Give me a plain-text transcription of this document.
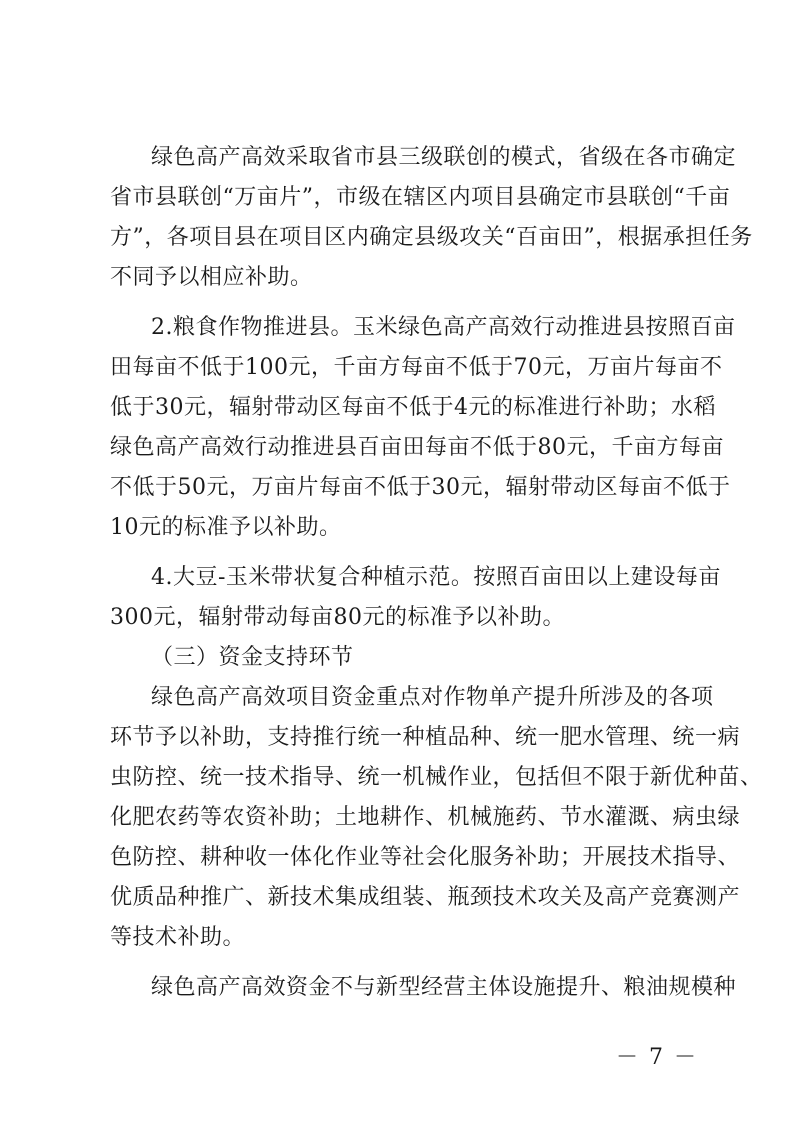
绿色高产高效采取省市县三级联创的模式，省级在各市确定
省市县联创“万亩片”，市级在辖区内项目县确定市县联创“千亩
方”，各项目县在项目区内确定县级攻关“百亩田”，根据承担任务
不同予以相应补助。
2.粮食作物推进县。玉米绿色高产高效行动推进县按照百亩
田每亩不低于100元，千亩方每亩不低于70元，万亩片每亩不
低于30元，辐射带动区每亩不低于4元的标准进行补助；水稻
绿色高产高效行动推进县百亩田每亩不低于80元，千亩方每亩
不低于50元，万亩片每亩不低于30元，辐射带动区每亩不低于
10元的标准予以补助。
4.大豆-玉米带状复合种植示范。按照百亩田以上建设每亩
300元，辐射带动每亩80元的标准予以补助。
（三）资金支持环节
绿色高产高效项目资金重点对作物单产提升所涉及的各项
环节予以补助，支持推行统一种植品种、统一肥水管理、统一病
虫防控、统一技术指导、统一机械作业，包括但不限于新优种苗、
化肥农药等农资补助；土地耕作、机械施药、节水灌溉、病虫绿
色防控、耕种收一体化作业等社会化服务补助；开展技术指导、
优质品种推广、新技术集成组装、瓶颈技术攻关及高产竞赛测产
等技术补助。
绿色高产高效资金不与新型经营主体设施提升、粮油规模种
－ 7 －
